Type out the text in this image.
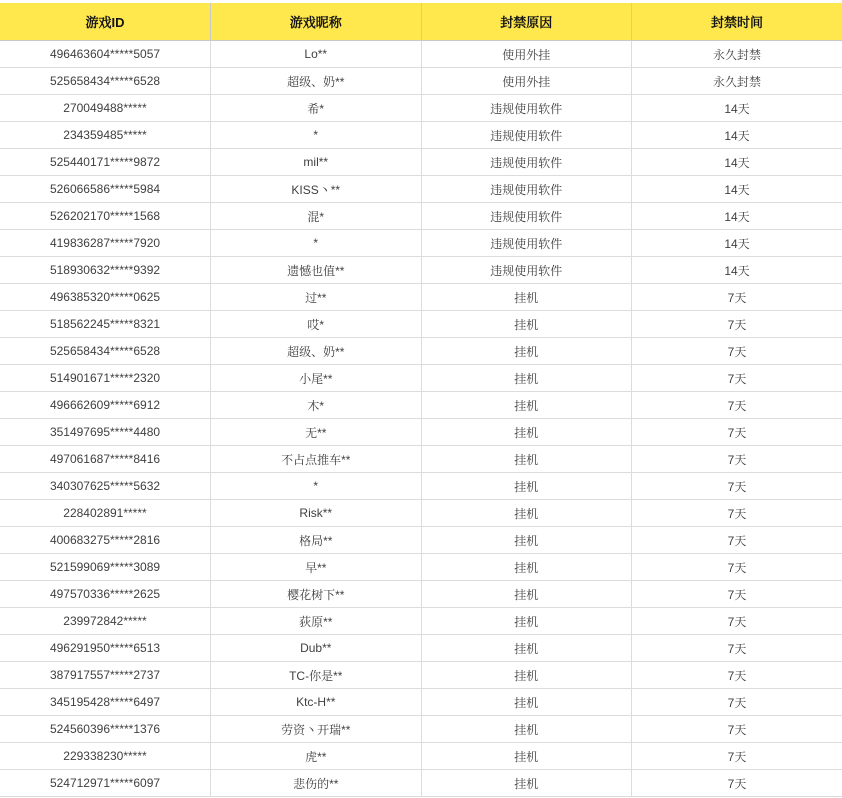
游戏ID	游戏昵称	封禁原因	封禁时间
496463604*****5057	Lo**	使用外挂	永久封禁
525658434*****6528	超级、奶**	使用外挂	永久封禁
270049488*****	希*	违规使用软件	14天
234359485*****	*	违规使用软件	14天
525440171*****9872	mil**	违规使用软件	14天
526066586*****5984	KISS丶**	违规使用软件	14天
526202170*****1568	混*	违规使用软件	14天
419836287*****7920	*	违规使用软件	14天
518930632*****9392	遗憾也值**	违规使用软件	14天
496385320*****0625	过**	挂机	7天
518562245*****8321	哎*	挂机	7天
525658434*****6528	超级、奶**	挂机	7天
514901671*****2320	小尾**	挂机	7天
496662609*****6912	木*	挂机	7天
351497695*****4480	无**	挂机	7天
497061687*****8416	不占点推车**	挂机	7天
340307625*****5632	*	挂机	7天
228402891*****	Risk**	挂机	7天
400683275*****2816	格局**	挂机	7天
521599069*****3089	早**	挂机	7天
497570336*****2625	樱花树下**	挂机	7天
239972842*****	荻原**	挂机	7天
496291950*****6513	Dub**	挂机	7天
387917557*****2737	TC-你是**	挂机	7天
345195428*****6497	Ktc-H**	挂机	7天
524560396*****1376	劳资丶开瑞**	挂机	7天
229338230*****	虎**	挂机	7天
524712971*****6097	悲伤的**	挂机	7天
